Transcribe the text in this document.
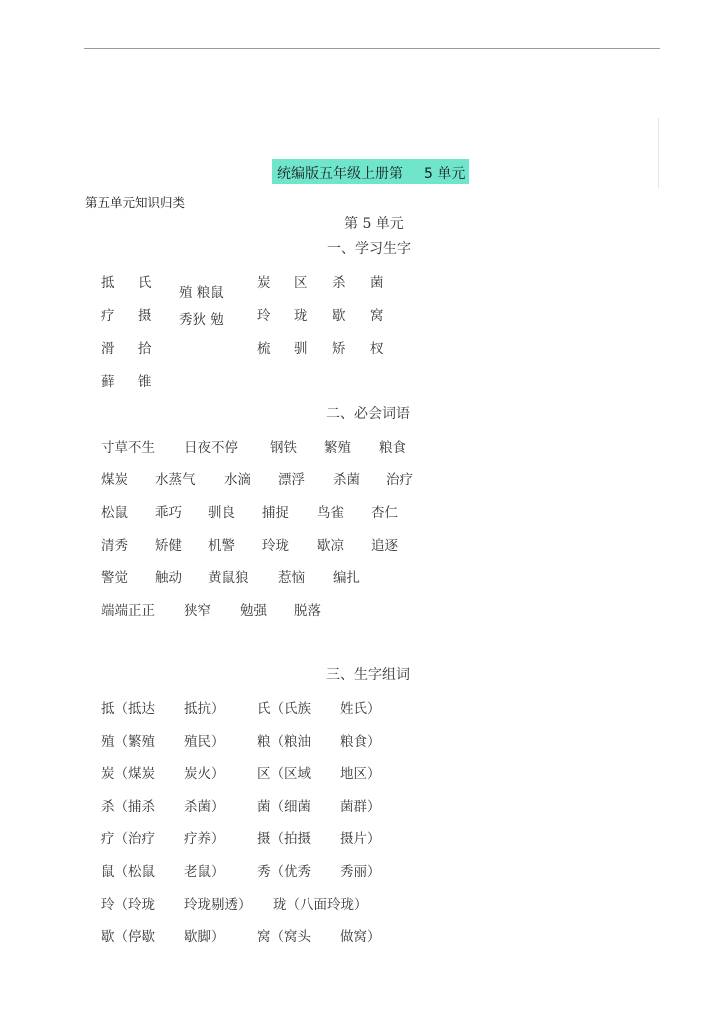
统编版五年级上册第 5 单元
第五单元知识归类
第 5 单元
一、学习生字
抵 氏
疗 摄
滑 拾
藓 锥
殖 粮鼠
秀狄 勉
炭 区 杀 菌
玲 珑 歇 窝
梳 驯 矫 杈
二、必会词语
寸草不生 日夜不停 钢铁 繁殖 粮食
煤炭 水蒸气 水滴 漂浮 杀菌 治疗
松鼠 乖巧 驯良 捕捉 鸟雀 杏仁
清秀 矫健 机警 玲珑 歇凉 追逐
警觉 触动 黄鼠狼 惹恼 编扎
端端正正 狭窄 勉强 脱落
三、生字组词
抵（抵达 抵抗） 氏（氏族 姓氏）
殖（繁殖 殖民） 粮（粮油 粮食）
炭（煤炭 炭火） 区（区域 地区）
杀（捕杀 杀菌） 菌（细菌 菌群）
疗（治疗 疗养） 摄（拍摄 摄片）
鼠（松鼠 老鼠） 秀（优秀 秀丽）
玲（玲珑 玲珑剔透） 珑（八面玲珑）
歇（停歇 歇脚） 窝（窝头 做窝）
